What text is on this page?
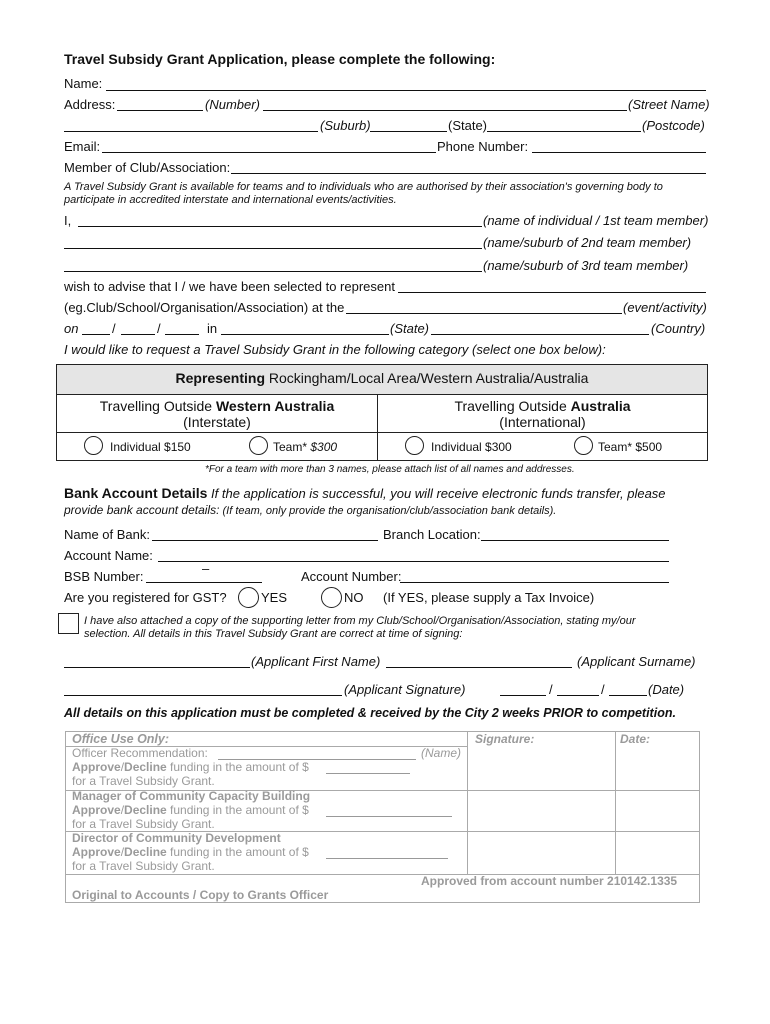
Travel Subsidy Grant Application, please complete the following:
Name:
Address:	(Number)	(Street Name)
(Suburb)	(State)	(Postcode)
Email:	Phone Number:
Member of Club/Association:
A Travel Subsidy Grant is available for teams and to individuals who are authorised by their association's governing body to
participate in accredited interstate and international events/activities.
I,	(name of individual / 1st team member)
(name/suburb of 2nd team member)
(name/suburb of 3rd team member)
wish to advise that I / we have been selected to represent
(eg.Club/School/Organisation/Association) at the	(event/activity)
on	/	/	in	(State)	(Country)
I would like to request a Travel Subsidy Grant in the following category (select one box below):
Representing Rockingham/Local Area/Western Australia/Australia
Travelling Outside Western Australia
(Interstate)
Travelling Outside Australia
(International)
Individual $150	Team* $300	Individual $300	Team* $500
*For a team with more than 3 names, please attach list of all names and addresses.
Bank Account Details If the application is successful, you will receive electronic funds transfer, please
provide bank account details: (If team, only provide the organisation/club/association bank details).
Name of Bank:	Branch Location:
Account Name:
BSB Number:
–
Account Number:
Are you registered for GST?	YES	NO (If YES, please supply a Tax Invoice)
I have also attached a copy of the supporting letter from my Club/School/Organisation/Association, stating my/our
selection. All details in this Travel Subsidy Grant are correct at time of signing:
(Applicant First Name)	(Applicant Surname)
(Applicant Signature)	/	/	(Date)
All details on this application must be completed & received by the City 2 weeks PRIOR to competition.
Office Use Only:	Signature:	Date:
Officer Recommendation:	(Name)
Approve/Decline funding in the amount of $
for a Travel Subsidy Grant.
Manager of Community Capacity Building
Approve/Decline funding in the amount of $
for a Travel Subsidy Grant.
Director of Community Development
Approve/Decline funding in the amount of $
for a Travel Subsidy Grant.
Approved from account number 210142.1335
Original to Accounts / Copy to Grants Officer
